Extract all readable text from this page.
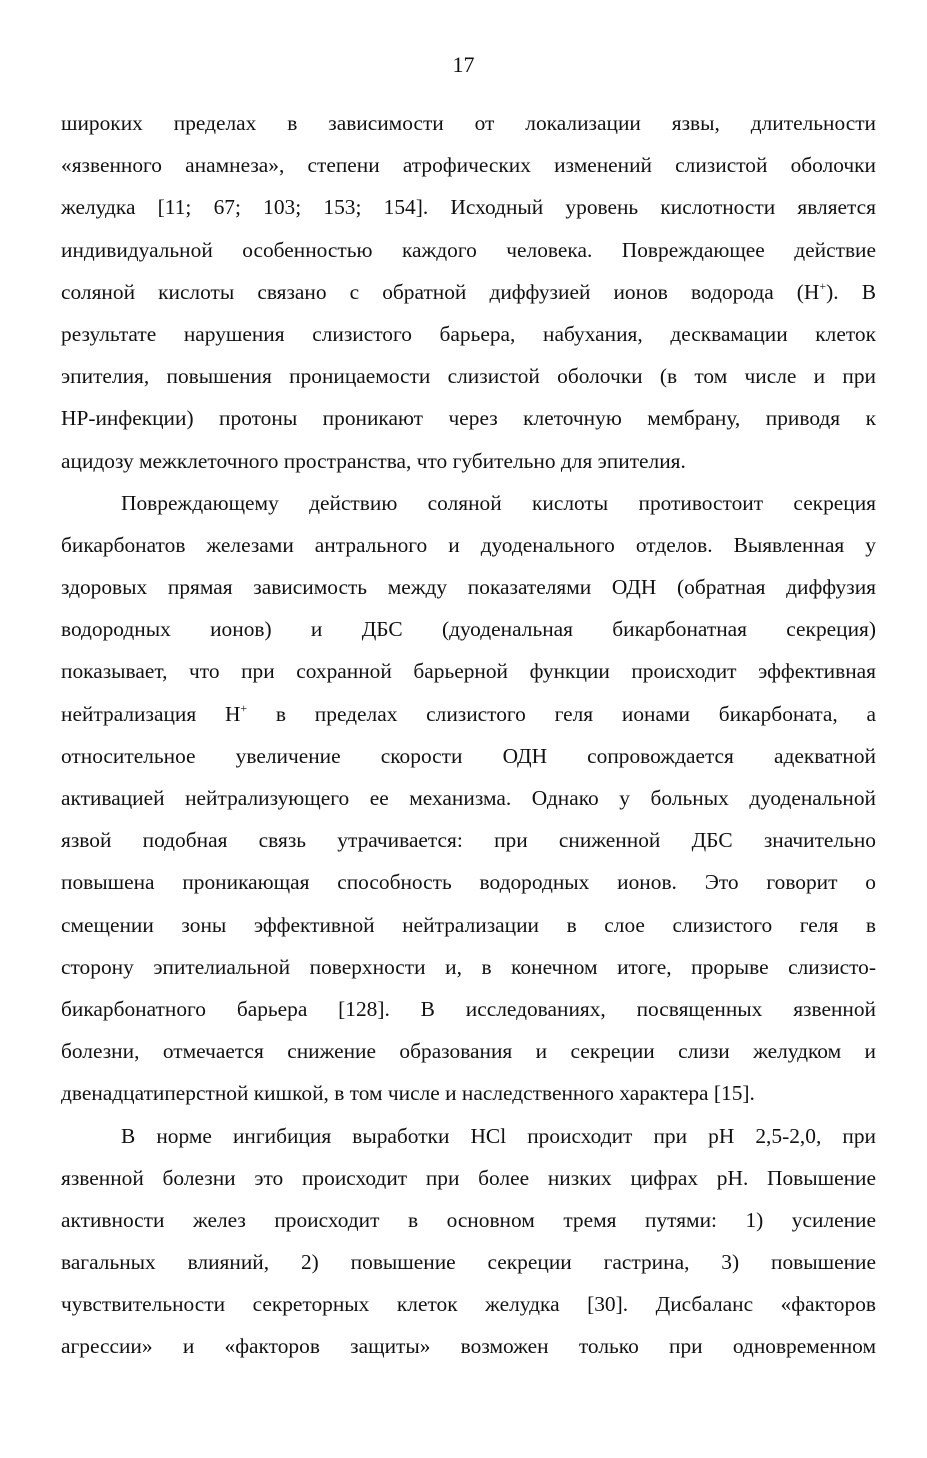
17
широких пределах в зависимости от локализации язвы, длительности
«язвенного анамнеза», степени атрофических изменений слизистой оболочки
желудка [11; 67; 103; 153; 154]. Исходный уровень кислотности является
индивидуальной особенностью каждого человека. Повреждающее действие
соляной кислоты связано с обратной диффузией ионов водорода (Н+). В
результате нарушения слизистого барьера, набухания, десквамации клеток
эпителия, повышения проницаемости слизистой оболочки (в том числе и при
HP-инфекции) протоны проникают через клеточную мембрану, приводя к
ацидозу межклеточного пространства, что губительно для эпителия.
Повреждающему действию соляной кислоты противостоит секреция
бикарбонатов железами антрального и дуоденального отделов. Выявленная у
здоровых прямая зависимость между показателями ОДН (обратная диффузия
водородных ионов) и ДБС (дуоденальная бикарбонатная секреция)
показывает, что при сохранной барьерной функции происходит эффективная
нейтрализация Н+ в пределах слизистого геля ионами бикарбоната, а
относительное увеличение скорости ОДН сопровождается адекватной
активацией нейтрализующего ее механизма. Однако у больных дуоденальной
язвой подобная связь утрачивается: при сниженной ДБС значительно
повышена проникающая способность водородных ионов. Это говорит о
смещении зоны эффективной нейтрализации в слое слизистого геля в
сторону эпителиальной поверхности и, в конечном итоге, прорыве слизисто-
бикарбонатного барьера [128]. В исследованиях, посвященных язвенной
болезни, отмечается снижение образования и секреции слизи желудком и
двенадцатиперстной кишкой, в том числе и наследственного характера [15].
В норме ингибиция выработки HCl происходит при pH 2,5-2,0, при
язвенной болезни это происходит при более низких цифрах pH. Повышение
активности желез происходит в основном тремя путями: 1) усиление
вагальных влияний, 2) повышение секреции гастрина, 3) повышение
чувствительности секреторных клеток желудка [30]. Дисбаланс «факторов
агрессии» и «факторов защиты» возможен только при одновременном
